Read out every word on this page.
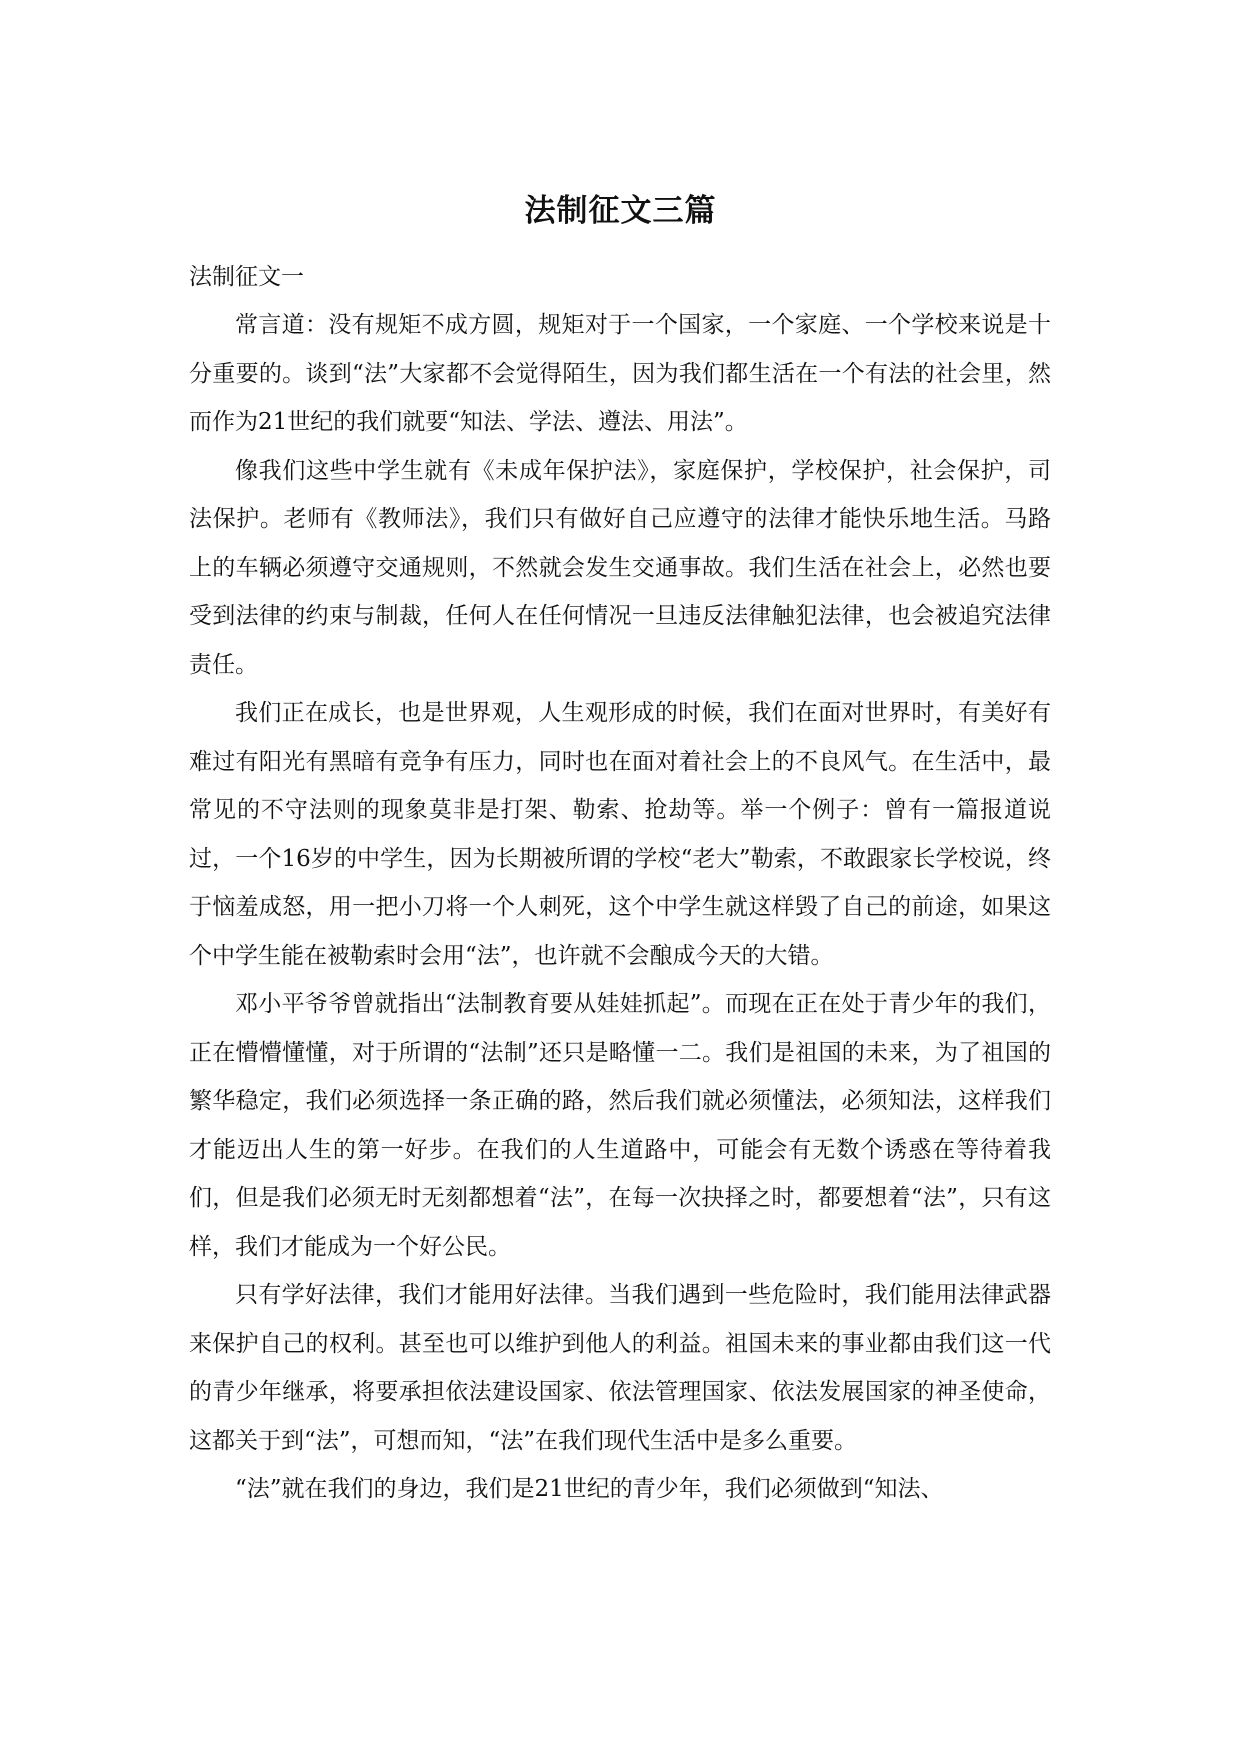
法制征文三篇

法制征文一

常言道：没有规矩不成方圆，规矩对于一个国家，一个家庭、一个学校来说是十分重要的。谈到“法”大家都不会觉得陌生，因为我们都生活在一个有法的社会里，然而作为21世纪的我们就要“知法、学法、遵法、用法”。

像我们这些中学生就有《未成年保护法》，家庭保护，学校保护，社会保护，司法保护。老师有《教师法》，我们只有做好自己应遵守的法律才能快乐地生活。马路上的车辆必须遵守交通规则，不然就会发生交通事故。我们生活在社会上，必然也要受到法律的约束与制裁，任何人在任何情况一旦违反法律触犯法律，也会被追究法律责任。

我们正在成长，也是世界观，人生观形成的时候，我们在面对世界时，有美好有难过有阳光有黑暗有竞争有压力，同时也在面对着社会上的不良风气。在生活中，最常见的不守法则的现象莫非是打架、勒索、抢劫等。举一个例子：曾有一篇报道说过，一个16岁的中学生，因为长期被所谓的学校“老大”勒索，不敢跟家长学校说，终于恼羞成怒，用一把小刀将一个人刺死，这个中学生就这样毁了自己的前途，如果这个中学生能在被勒索时会用“法”，也许就不会酿成今天的大错。

邓小平爷爷曾就指出“法制教育要从娃娃抓起”。而现在正在处于青少年的我们，正在懵懵懂懂，对于所谓的“法制”还只是略懂一二。我们是祖国的未来，为了祖国的繁华稳定，我们必须选择一条正确的路，然后我们就必须懂法，必须知法，这样我们才能迈出人生的第一好步。在我们的人生道路中，可能会有无数个诱惑在等待着我们，但是我们必须无时无刻都想着“法”，在每一次抉择之时，都要想着“法”，只有这样，我们才能成为一个好公民。

只有学好法律，我们才能用好法律。当我们遇到一些危险时，我们能用法律武器来保护自己的权利。甚至也可以维护到他人的利益。祖国未来的事业都由我们这一代的青少年继承，将要承担依法建设国家、依法管理国家、依法发展国家的神圣使命，这都关于到“法”，可想而知，“法”在我们现代生活中是多么重要。

“法”就在我们的身边，我们是21世纪的青少年，我们必须做到“知法、
